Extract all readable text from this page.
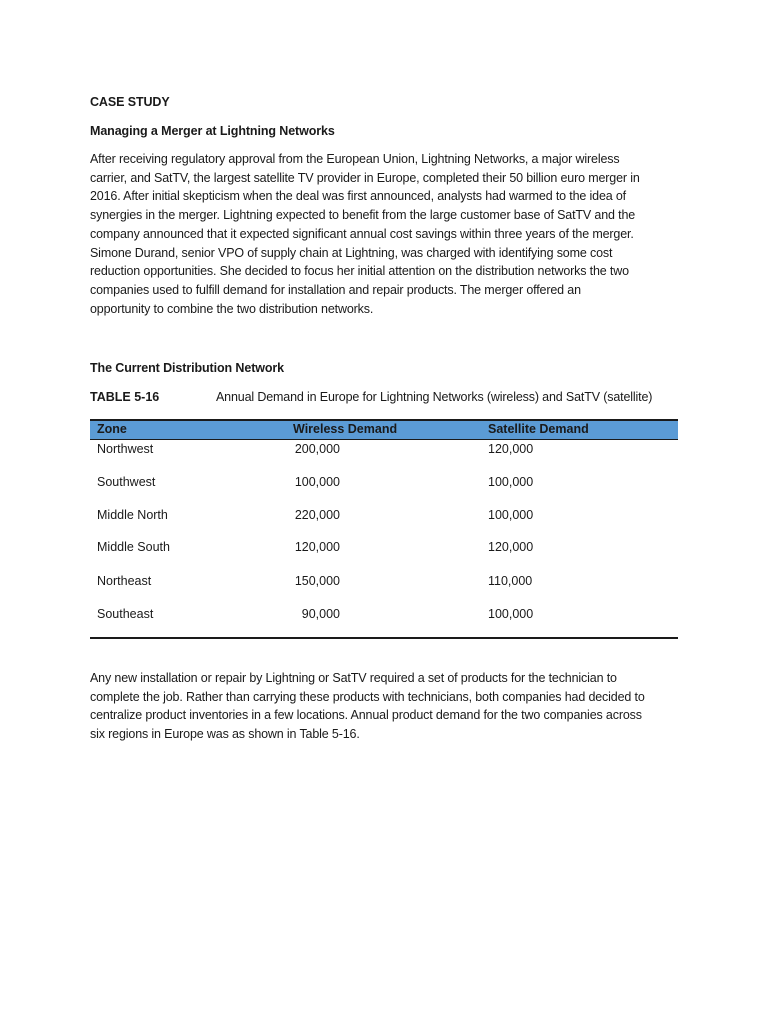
CASE STUDY
Managing a Merger at Lightning Networks
After receiving regulatory approval from the European Union, Lightning Networks, a major wireless
carrier, and SatTV, the largest satellite TV provider in Europe, completed their 50 billion euro merger in
2016. After initial skepticism when the deal was first announced, analysts had warmed to the idea of
synergies in the merger. Lightning expected to benefit from the large customer base of SatTV and the
company announced that it expected significant annual cost savings within three years of the merger.
Simone Durand, senior VPO of supply chain at Lightning, was charged with identifying some cost
reduction opportunities. She decided to focus her initial attention on the distribution networks the two
companies used to fulfill demand for installation and repair products. The merger offered an
opportunity to combine the two distribution networks.
The Current Distribution Network
TABLE 5-16	Annual Demand in Europe for Lightning Networks (wireless) and SatTV (satellite)
Zone	Wireless Demand	Satellite Demand
Northwest	200,000	120,000
Southwest	100,000	100,000
Middle North	220,000	100,000
Middle South	120,000	120,000
Northeast	150,000	110,000
Southeast	90,000	100,000
Any new installation or repair by Lightning or SatTV required a set of products for the technician to
complete the job. Rather than carrying these products with technicians, both companies had decided to
centralize product inventories in a few locations. Annual product demand for the two companies across
six regions in Europe was as shown in Table 5-16.
